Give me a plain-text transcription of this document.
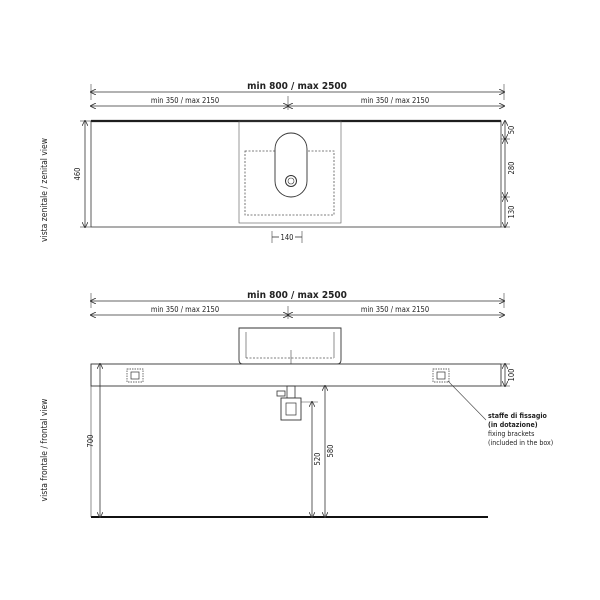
min 800 / max 2500
min 350 / max 2150	min 350 / max 2150
460
50
280
130
140
vista zenitale / zenital view
min 800 / max 2500
min 350 / max 2150	min 350 / max 2150
100
700
520
580
staffe di fissagio
(in dotazione)
fixing brackets
(included in the box)
vista frontale / frontal view
